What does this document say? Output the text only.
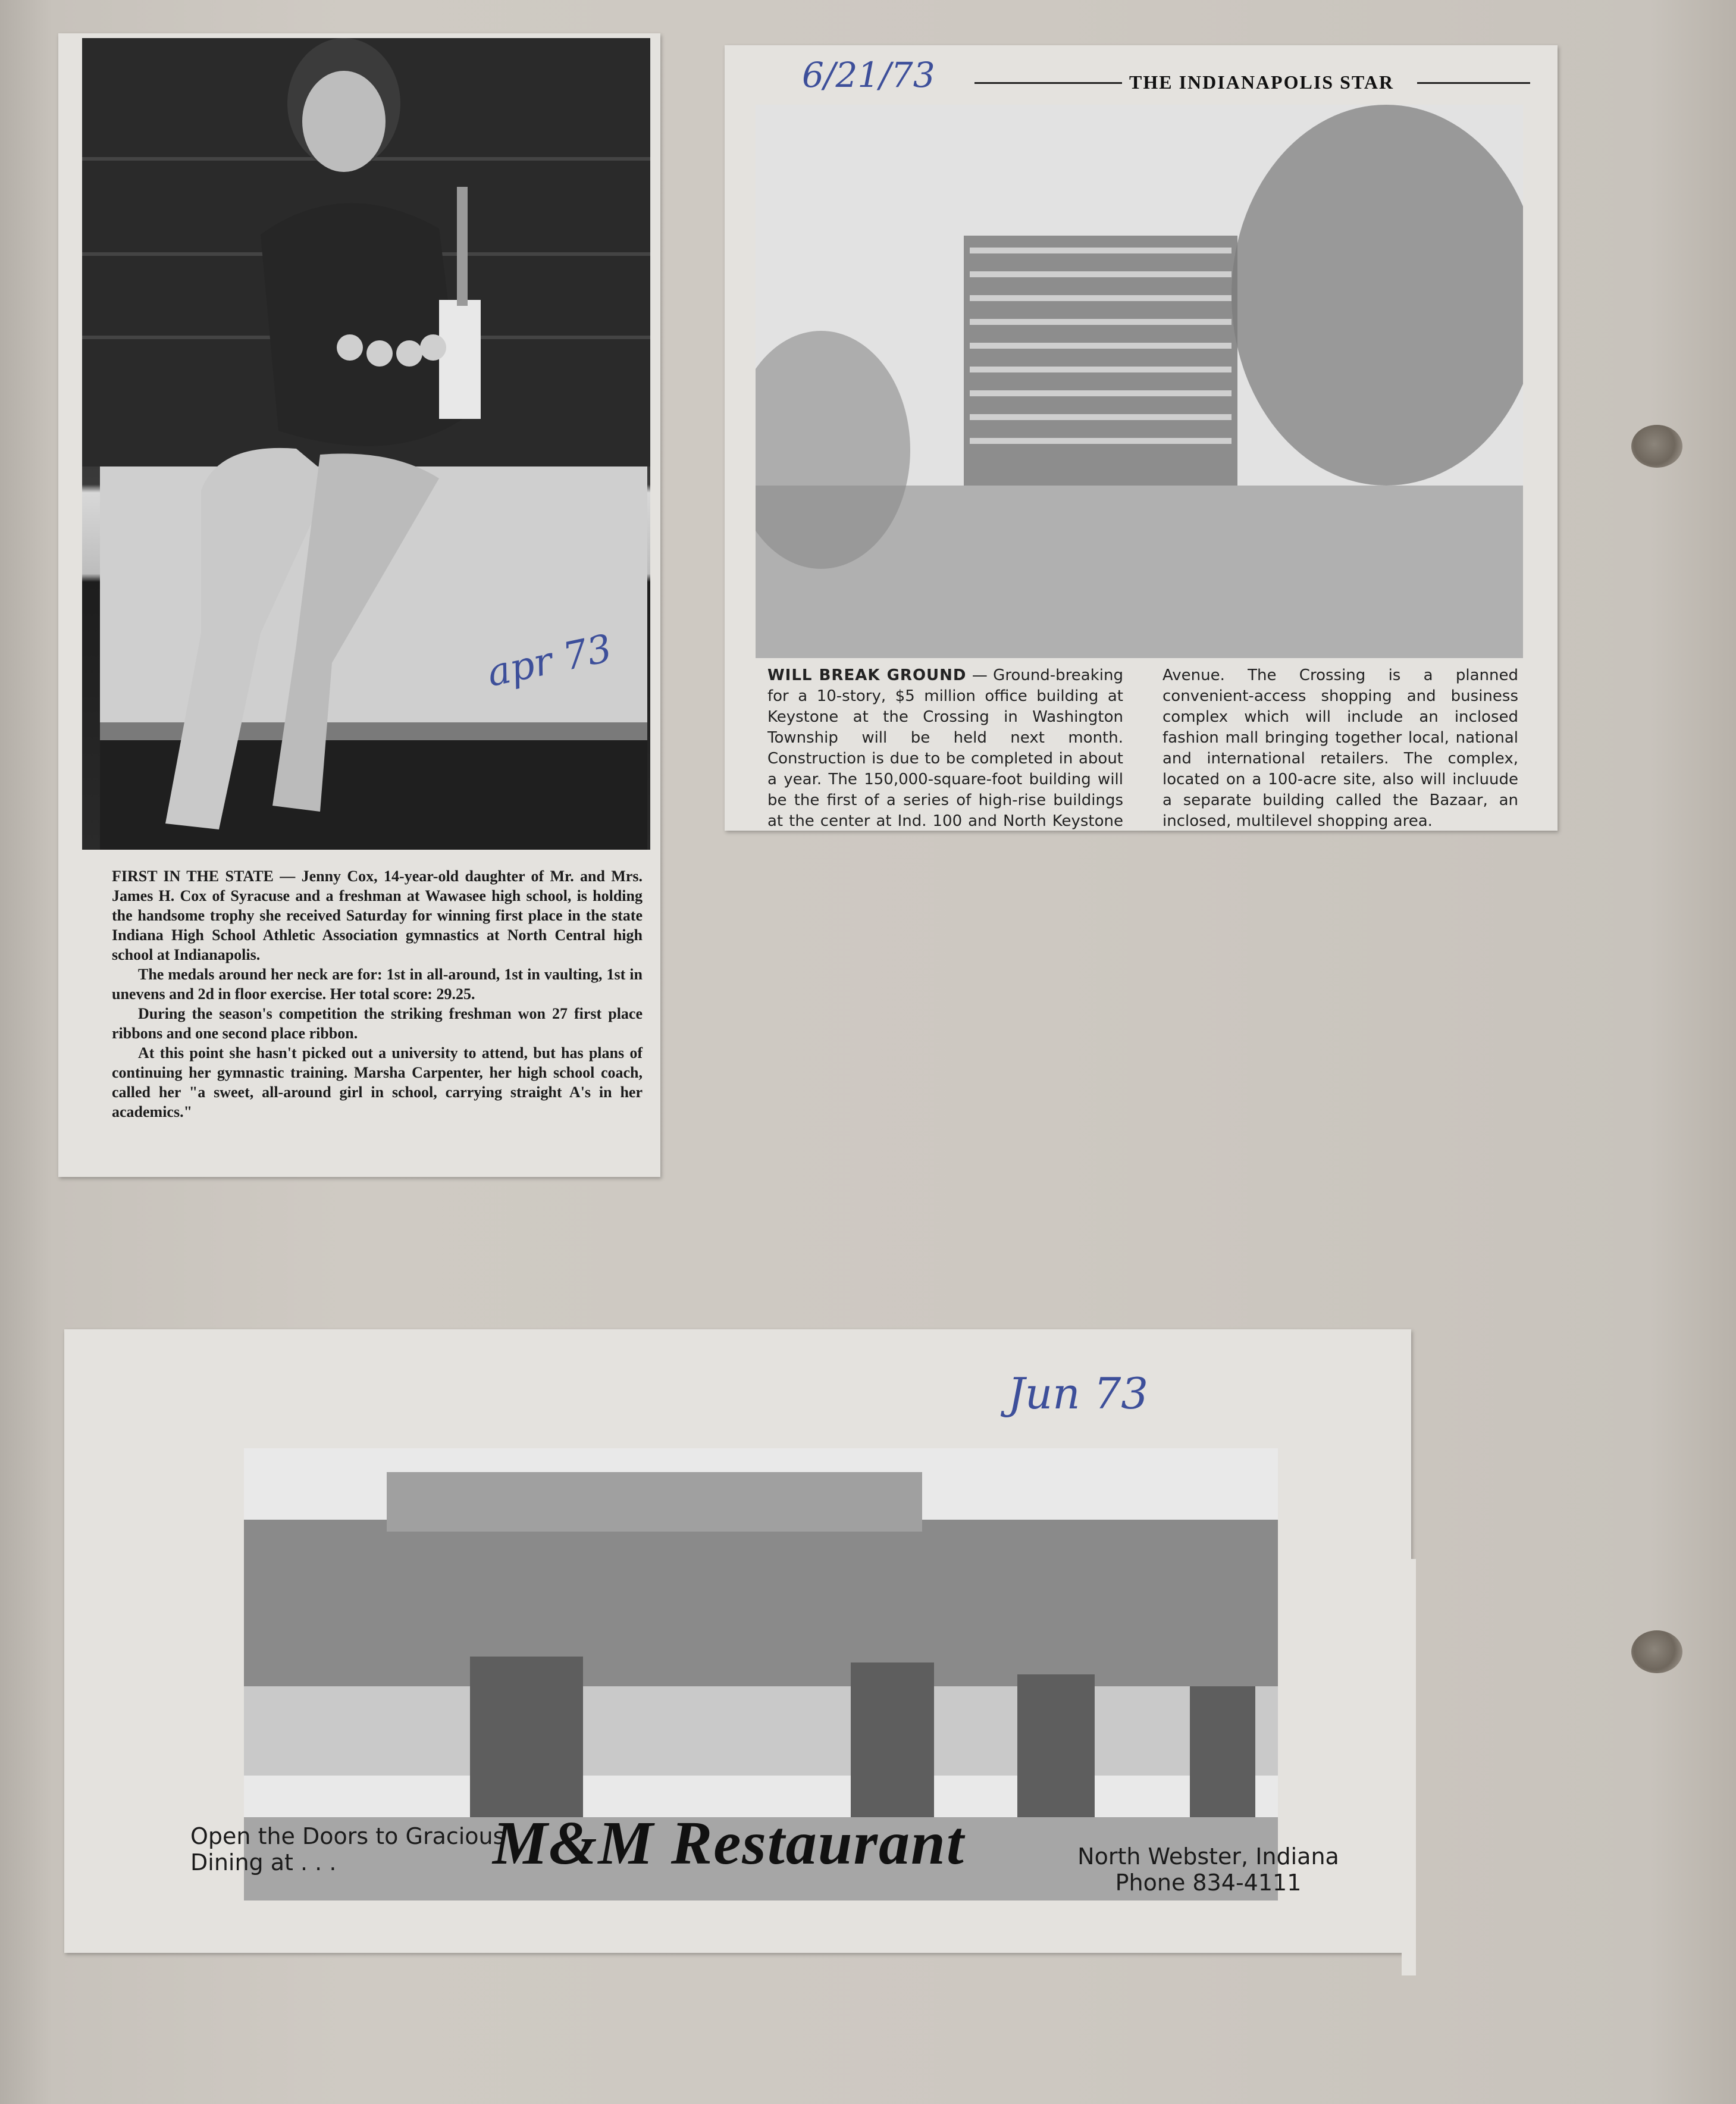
apr 73

FIRST IN THE STATE — Jenny Cox, 14-year-old daughter of Mr. and Mrs. James H. Cox of Syracuse and a freshman at Wawasee high school, is holding the handsome trophy she received Saturday for winning first place in the state Indiana High School Athletic Association gymnastics at North Central high school at Indianapolis.

The medals around her neck are for: 1st in all-around, 1st in vaulting, 1st in unevens and 2d in floor exercise. Her total score: 29.25.

During the season's competition the striking freshman won 27 first place ribbons and one second place ribbon.

At this point she hasn't picked out a university to attend, but has plans of continuing her gymnastic training. Marsha Carpenter, her high school coach, called her "a sweet, all-around girl in school, carrying straight A's in her academics."

6/21/73	THE INDIANAPOLIS STAR
WILL BREAK GROUND — Ground-breaking for a 10-story, $5 million office building at Keystone at the Crossing in Washington Township will be held next month. Construction is due to be completed in about a year. The 150,000-square-foot building will be the first of a series of high-rise buildings at the center at Ind. 100 and North Keystone Avenue. The Crossing is a planned convenient-access shopping and business complex which will include an inclosed fashion mall bringing together local, national and international retailers. The complex, located on a 100-acre site, also will incluude a separate building called the Bazaar, an inclosed, multilevel shopping area.
Jun 73
Open the Doors to Gracious Dining at . . .	M&M Restaurant	North Webster, Indiana
Phone 834-4111
